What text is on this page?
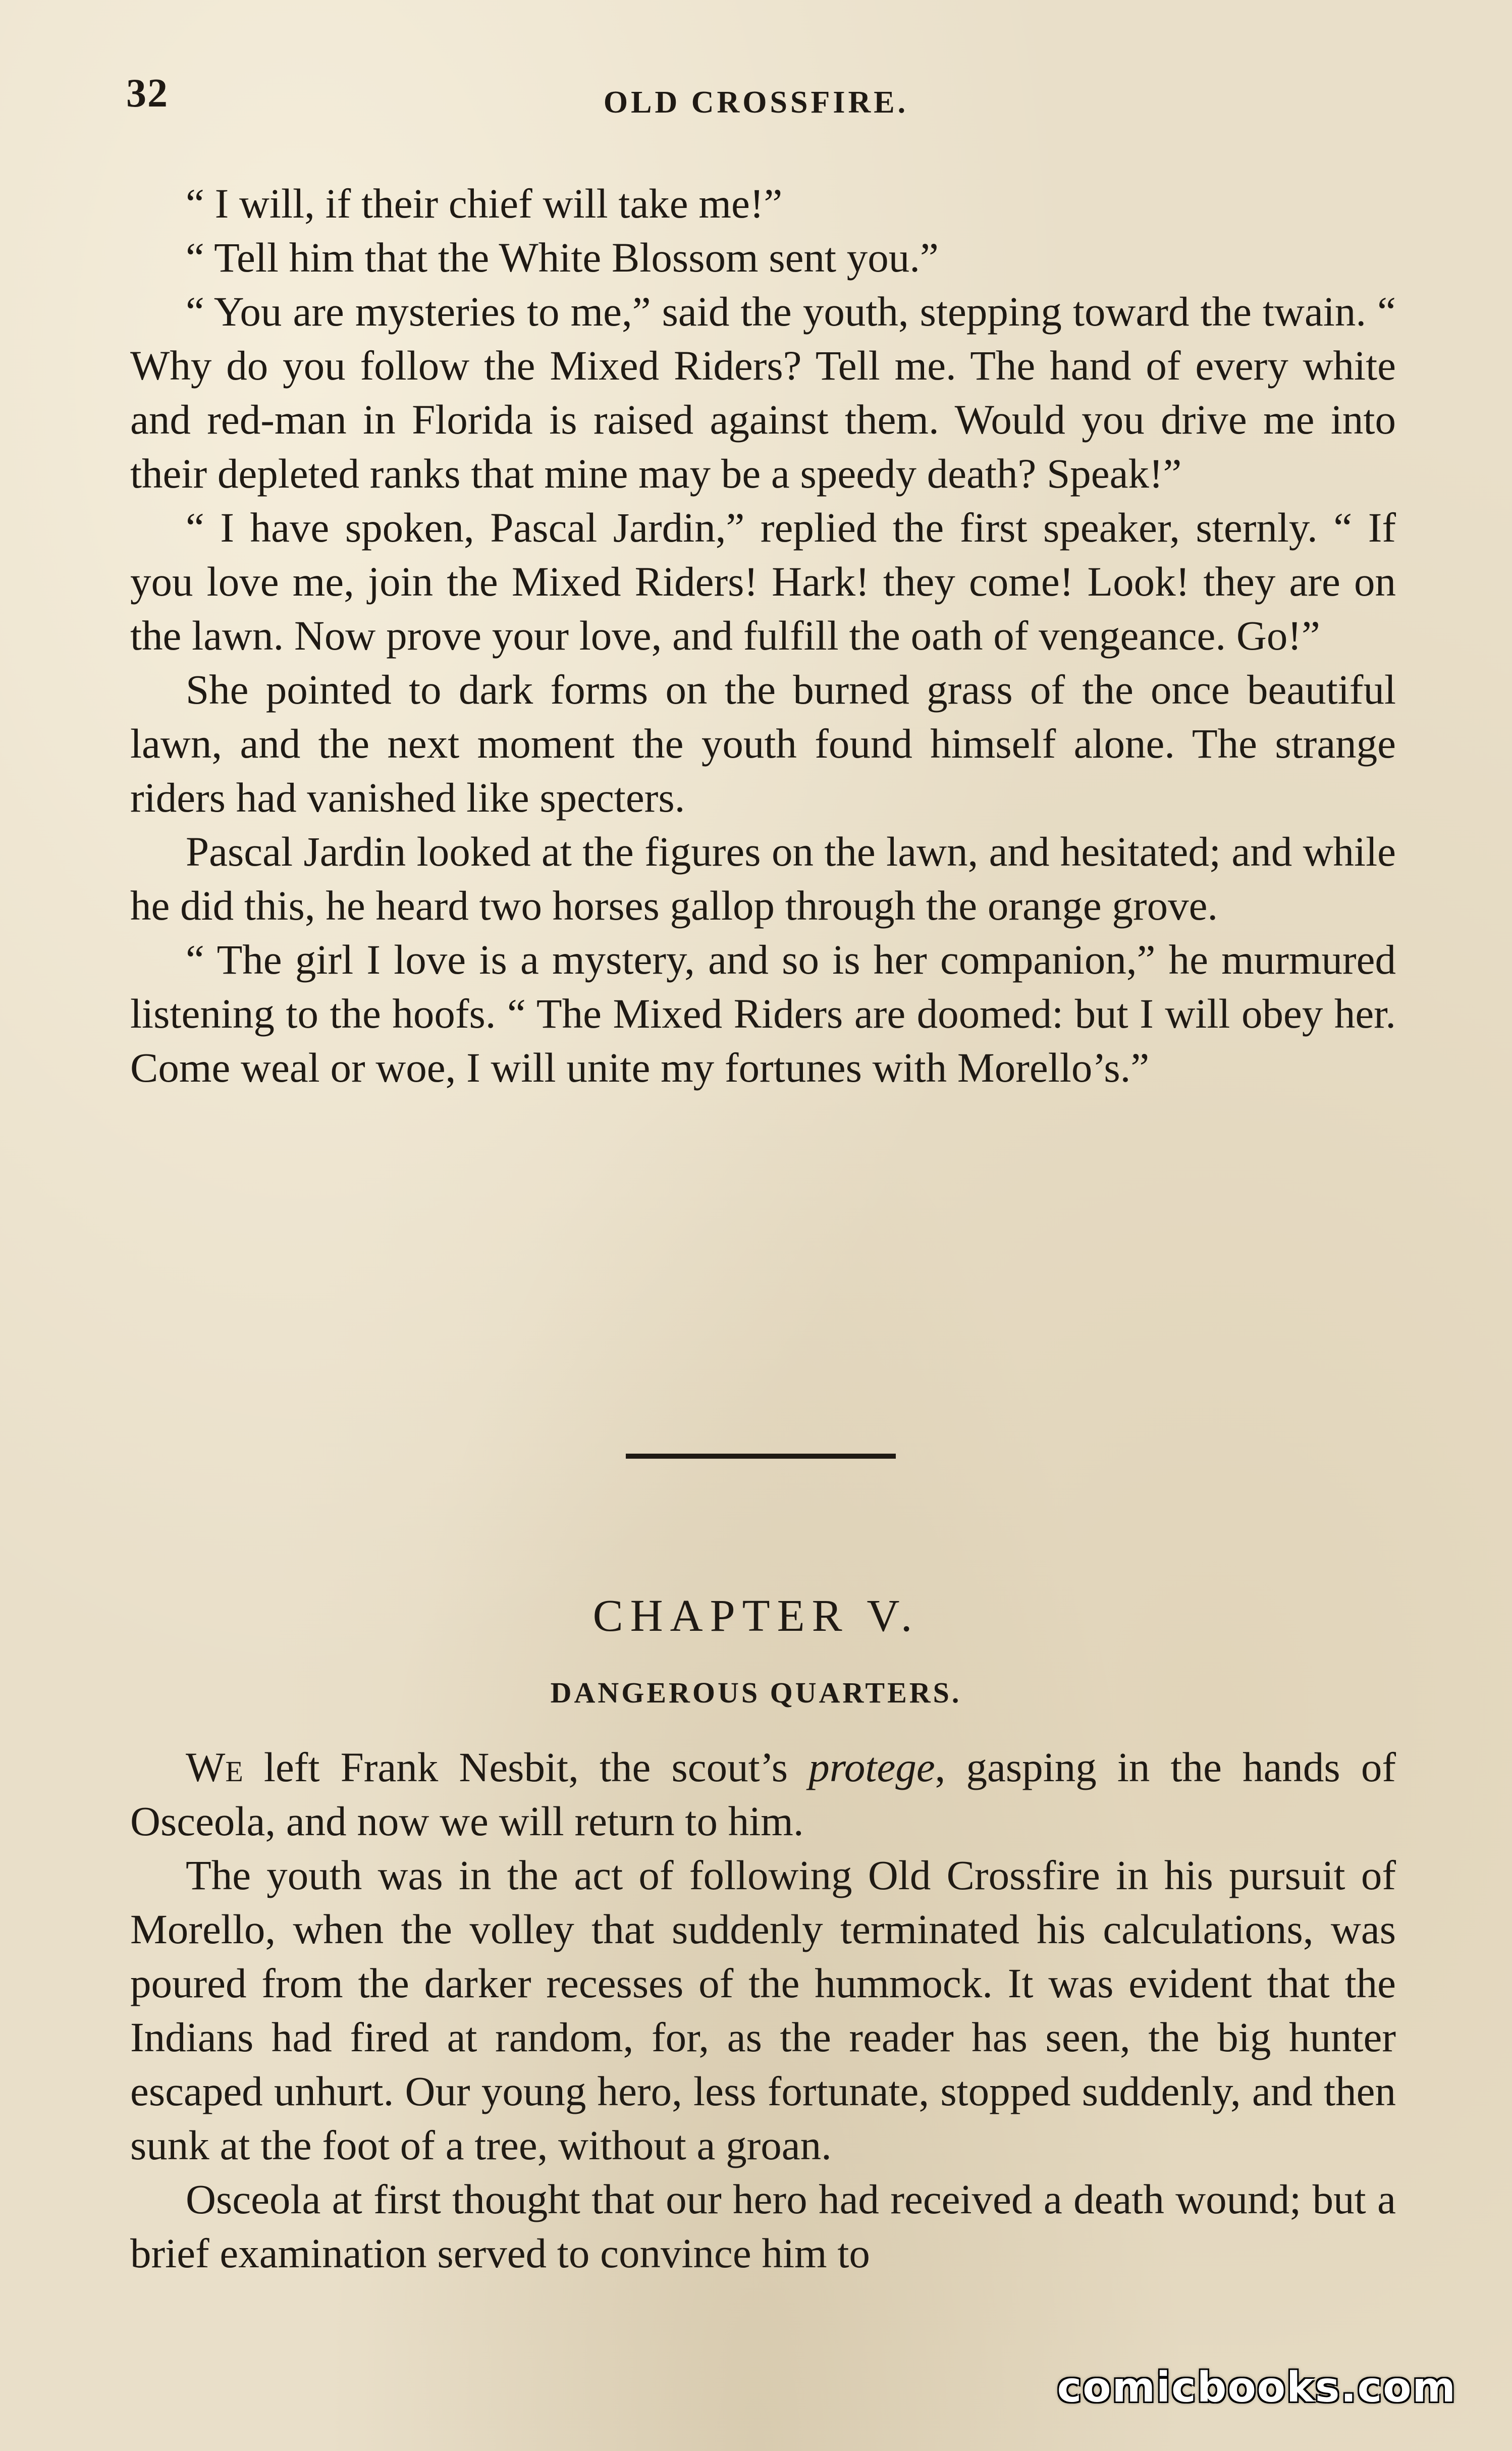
32	OLD CROSSFIRE.

“ I will, if their chief will take me!”

“ Tell him that the White Blossom sent you.”

“ You are mysteries to me,” said the youth, stepping toward the twain. “ Why do you follow the Mixed Riders? Tell me. The hand of every white and red-man in Florida is raised against them. Would you drive me into their depleted ranks that mine may be a speedy death? Speak!”

“ I have spoken, Pascal Jardin,” replied the first speaker, sternly. “ If you love me, join the Mixed Riders! Hark! they come! Look! they are on the lawn. Now prove your love, and fulfill the oath of vengeance. Go!”

She pointed to dark forms on the burned grass of the once beautiful lawn, and the next moment the youth found himself alone. The strange riders had vanished like specters.

Pascal Jardin looked at the figures on the lawn, and hesitated; and while he did this, he heard two horses gallop through the orange grove.

“ The girl I love is a mystery, and so is her companion,” he murmured listening to the hoofs. “ The Mixed Riders are doomed: but I will obey her. Come weal or woe, I will unite my fortunes with Morello’s.”

CHAPTER V.
DANGEROUS QUARTERS.

We left Frank Nesbit, the scout’s protege, gasping in the hands of Osceola, and now we will return to him.

The youth was in the act of following Old Crossfire in his pursuit of Morello, when the volley that suddenly terminated his calculations, was poured from the darker recesses of the hummock. It was evident that the Indians had fired at random, for, as the reader has seen, the big hunter escaped unhurt. Our young hero, less fortunate, stopped suddenly, and then sunk at the foot of a tree, without a groan.

Osceola at first thought that our hero had received a death wound; but a brief examination served to convince him to

comicbooks.com
